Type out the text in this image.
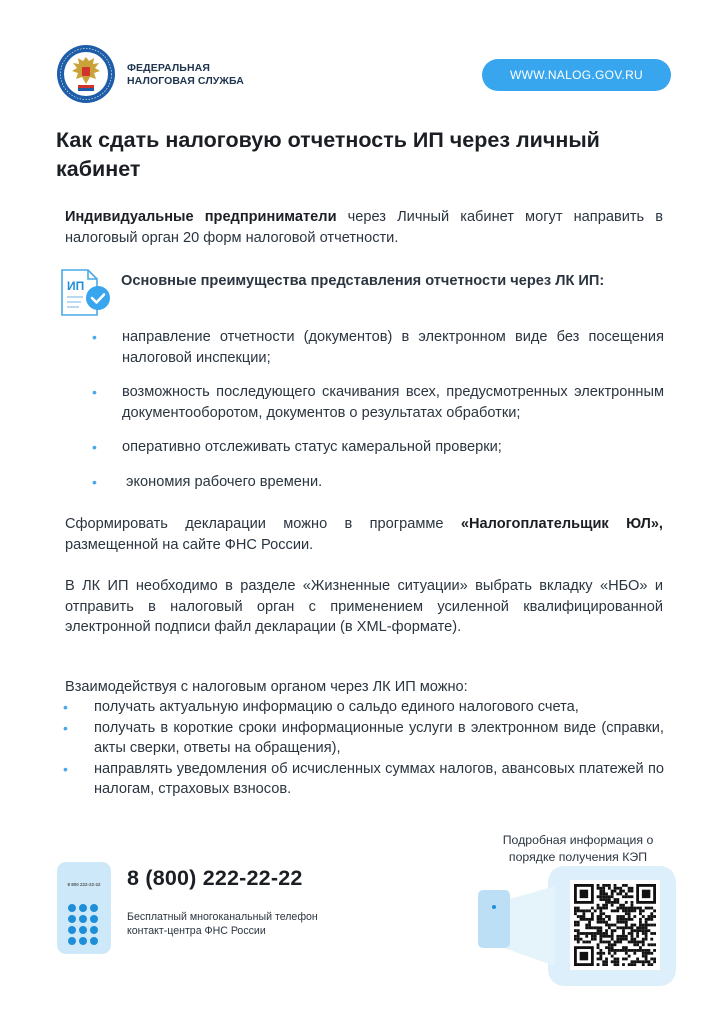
ФЕДЕРАЛЬНАЯ
НАЛОГОВАЯ СЛУЖБА	WWW.NALOG.GOV.RU
Как сдать налоговую отчетность ИП через личный кабинет

Индивидуальные предприниматели через Личный кабинет могут направить в налоговый орган 20 форм налоговой отчетности.

ИП	Основные преимущества представления отчетности через ЛК ИП:
• направление отчетности (документов) в электронном виде без посещения налоговой инспекции;
• возможность последующего скачивания всех, предусмотренных электронным документооборотом, документов о результатах обработки;
• оперативно отслеживать статус камеральной проверки;
• экономия рабочего времени.

Сформировать декларации можно в программе «Налогоплательщик ЮЛ», размещенной на сайте ФНС России.

В ЛК ИП необходимо в разделе «Жизненные ситуации» выбрать вкладку «НБО» и отправить в налоговый орган с применением усиленной квалифицированной электронной подписи файл декларации (в XML-формате).

Взаимодействуя с налоговым органом через ЛК ИП можно:

• получать актуальную информацию о сальдо единого налогового счета,
• получать в короткие сроки информационные услуги в электронном виде (справки, акты сверки, ответы на обращения),
• направлять уведомления об исчисленных суммах налогов, авансовых платежей по налогам, страховых взносов.
8 800 222-22-22 8 (800) 222-22-22
Бесплатный многоканальный телефон
контакт-центра ФНС России
Подробная информация о
порядке получения КЭП
